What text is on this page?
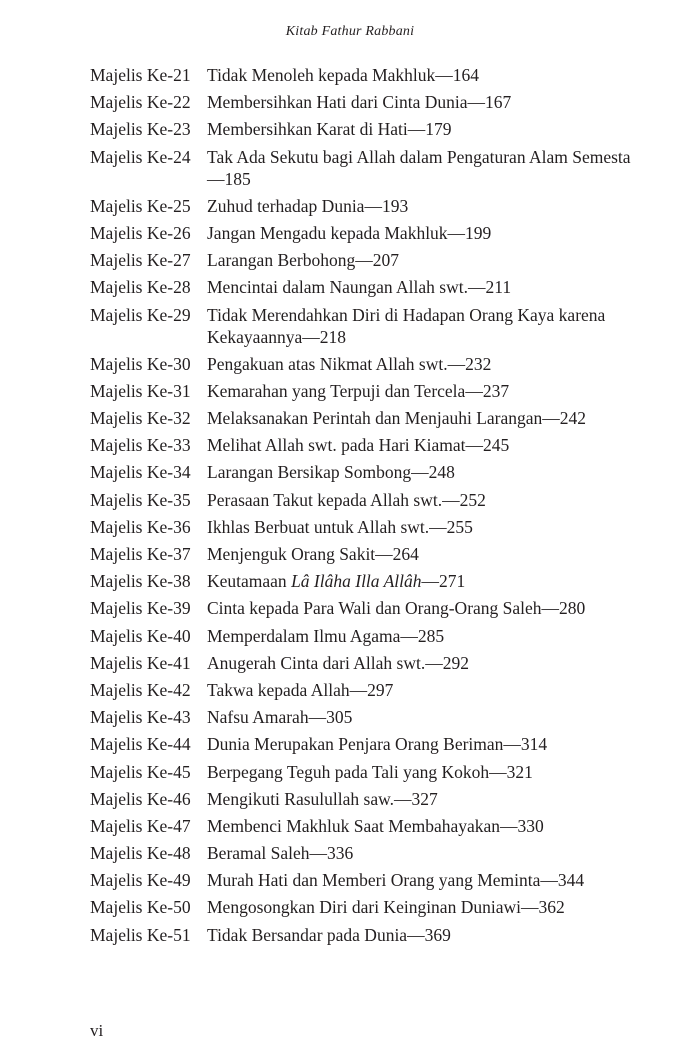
Kitab Fathur Rabbani
Majelis Ke-21 Tidak Menoleh kepada Makhluk—164
Majelis Ke-22 Membersihkan Hati dari Cinta Dunia—167
Majelis Ke-23 Membersihkan Karat di Hati—179
Majelis Ke-24 Tak Ada Sekutu bagi Allah dalam Pengaturan Alam Semesta—185
Majelis Ke-25 Zuhud terhadap Dunia—193
Majelis Ke-26 Jangan Mengadu kepada Makhluk—199
Majelis Ke-27 Larangan Berbohong—207
Majelis Ke-28 Mencintai dalam Naungan Allah swt.—211
Majelis Ke-29 Tidak Merendahkan Diri di Hadapan Orang Kaya karena Kekayaannya—218
Majelis Ke-30 Pengakuan atas Nikmat Allah swt.—232
Majelis Ke-31 Kemarahan yang Terpuji dan Tercela—237
Majelis Ke-32 Melaksanakan Perintah dan Menjauhi Larangan—242
Majelis Ke-33 Melihat Allah swt. pada Hari Kiamat—245
Majelis Ke-34 Larangan Bersikap Sombong—248
Majelis Ke-35 Perasaan Takut kepada Allah swt.—252
Majelis Ke-36 Ikhlas Berbuat untuk Allah swt.—255
Majelis Ke-37 Menjenguk Orang Sakit—264
Majelis Ke-38 Keutamaan Lâ Ilâha Illa Allâh—271
Majelis Ke-39 Cinta kepada Para Wali dan Orang-Orang Saleh—280
Majelis Ke-40 Memperdalam Ilmu Agama—285
Majelis Ke-41 Anugerah Cinta dari Allah swt.—292
Majelis Ke-42 Takwa kepada Allah—297
Majelis Ke-43 Nafsu Amarah—305
Majelis Ke-44 Dunia Merupakan Penjara Orang Beriman—314
Majelis Ke-45 Berpegang Teguh pada Tali yang Kokoh—321
Majelis Ke-46 Mengikuti Rasulullah saw.—327
Majelis Ke-47 Membenci Makhluk Saat Membahayakan—330
Majelis Ke-48 Beramal Saleh—336
Majelis Ke-49 Murah Hati dan Memberi Orang yang Meminta—344
Majelis Ke-50 Mengosongkan Diri dari Keinginan Duniawi—362
Majelis Ke-51 Tidak Bersandar pada Dunia—369
vi
